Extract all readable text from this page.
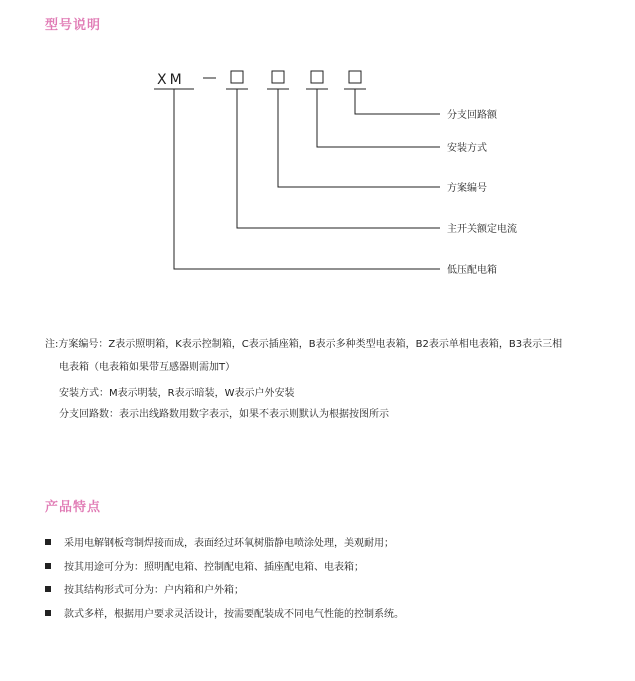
型号说明
XM
分支回路额
安装方式
方案编号
主开关额定电流
低压配电箱
注:方案编号：Z表示照明箱，K表示控制箱，C表示插座箱，B表示多种类型电表箱，B2表示单相电表箱，B3表示三相
电表箱（电表箱如果带互感器则需加T）
安装方式：M表示明装，R表示暗装，W表示户外安装
分支回路数：表示出线路数用数字表示，如果不表示则默认为根据按图所示
产品特点
采用电解钢板弯制焊接而成，表面经过环氧树脂静电喷涂处理，美观耐用；
按其用途可分为：照明配电箱、控制配电箱、插座配电箱、电表箱；
按其结构形式可分为：户内箱和户外箱；
款式多样，根据用户要求灵活设计，按需要配装成不同电气性能的控制系统。
